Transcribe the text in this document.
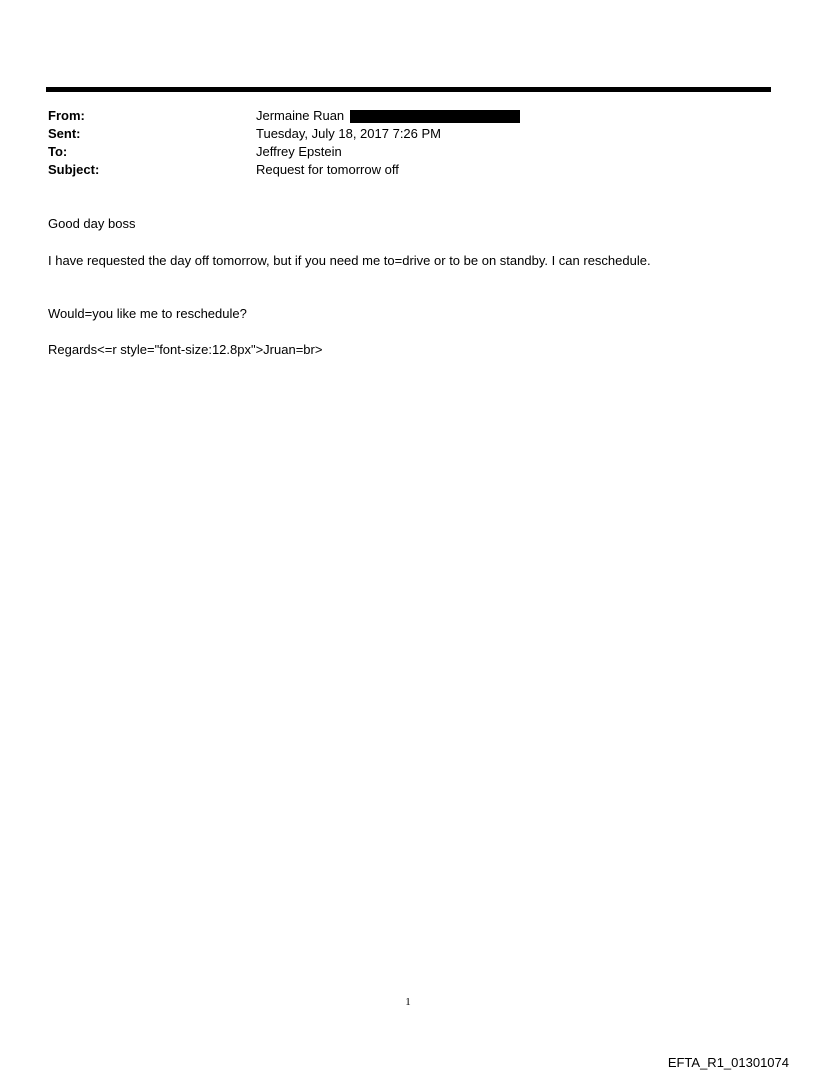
From:	Jermaine Ruan
Sent:	Tuesday, July 18, 2017 7:26 PM
To:	Jeffrey Epstein
Subject:	Request for tomorrow off
Good day boss
I have requested the day off tomorrow, but if you need me to=drive or to be on standby. I can reschedule.
Would=you like me to reschedule?
Regards<=r style="font-size:12.8px">Jruan=br>
1
EFTA_R1_01301074
